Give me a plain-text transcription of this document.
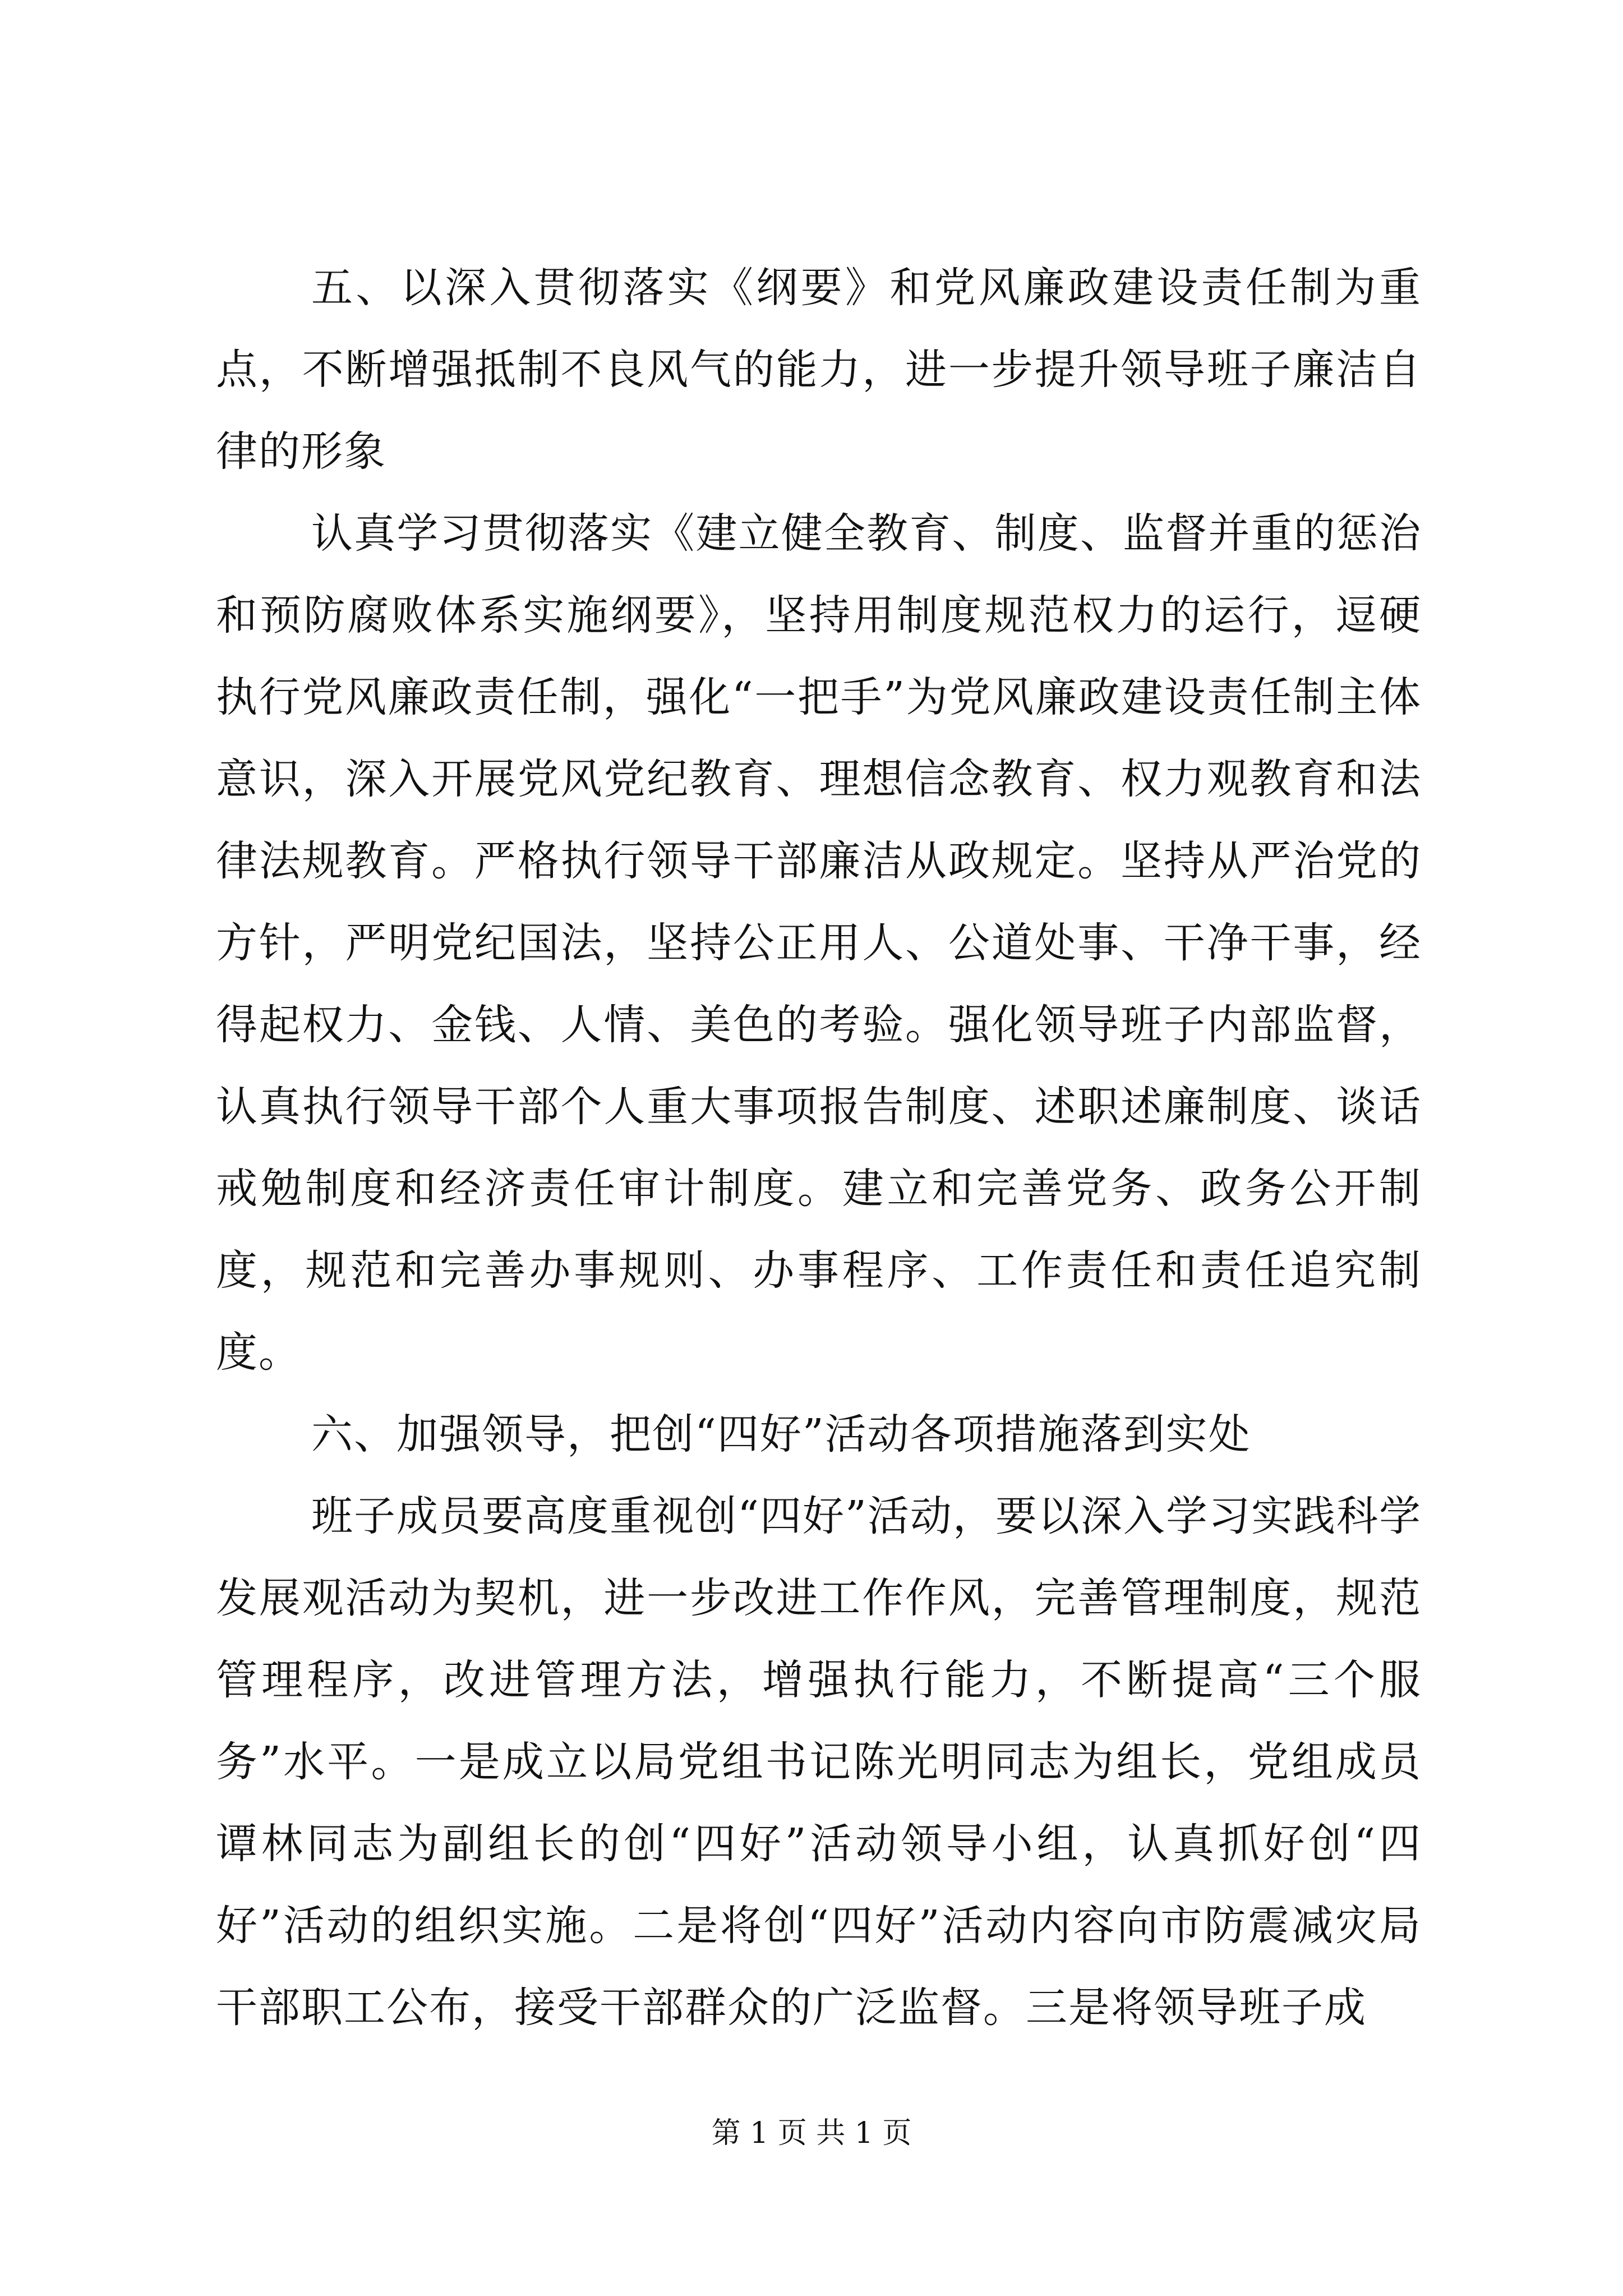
五、以深入贯彻落实《纲要》和党风廉政建设责任制为重点，不断增强抵制不良风气的能力，进一步提升领导班子廉洁自律的形象

认真学习贯彻落实《建立健全教育、制度、监督并重的惩治和预防腐败体系实施纲要》，坚持用制度规范权力的运行，逗硬执行党风廉政责任制，强化“一把手”为党风廉政建设责任制主体意识，深入开展党风党纪教育、理想信念教育、权力观教育和法律法规教育。严格执行领导干部廉洁从政规定。坚持从严治党的方针，严明党纪国法，坚持公正用人、公道处事、干净干事，经得起权力、金钱、人情、美色的考验。强化领导班子内部监督，认真执行领导干部个人重大事项报告制度、述职述廉制度、谈话戒勉制度和经济责任审计制度。建立和完善党务、政务公开制度，规范和完善办事规则、办事程序、工作责任和责任追究制度。

六、加强领导，把创“四好”活动各项措施落到实处

班子成员要高度重视创“四好”活动，要以深入学习实践科学发展观活动为契机，进一步改进工作作风，完善管理制度，规范管理程序，改进管理方法，增强执行能力，不断提高“三个服务”水平。一是成立以局党组书记陈光明同志为组长，党组成员谭林同志为副组长的创“四好”活动领导小组，认真抓好创“四好”活动的组织实施。二是将创“四好”活动内容向市防震减灾局干部职工公布，接受干部群众的广泛监督。三是将领导班子成

第 1 页 共 1 页
